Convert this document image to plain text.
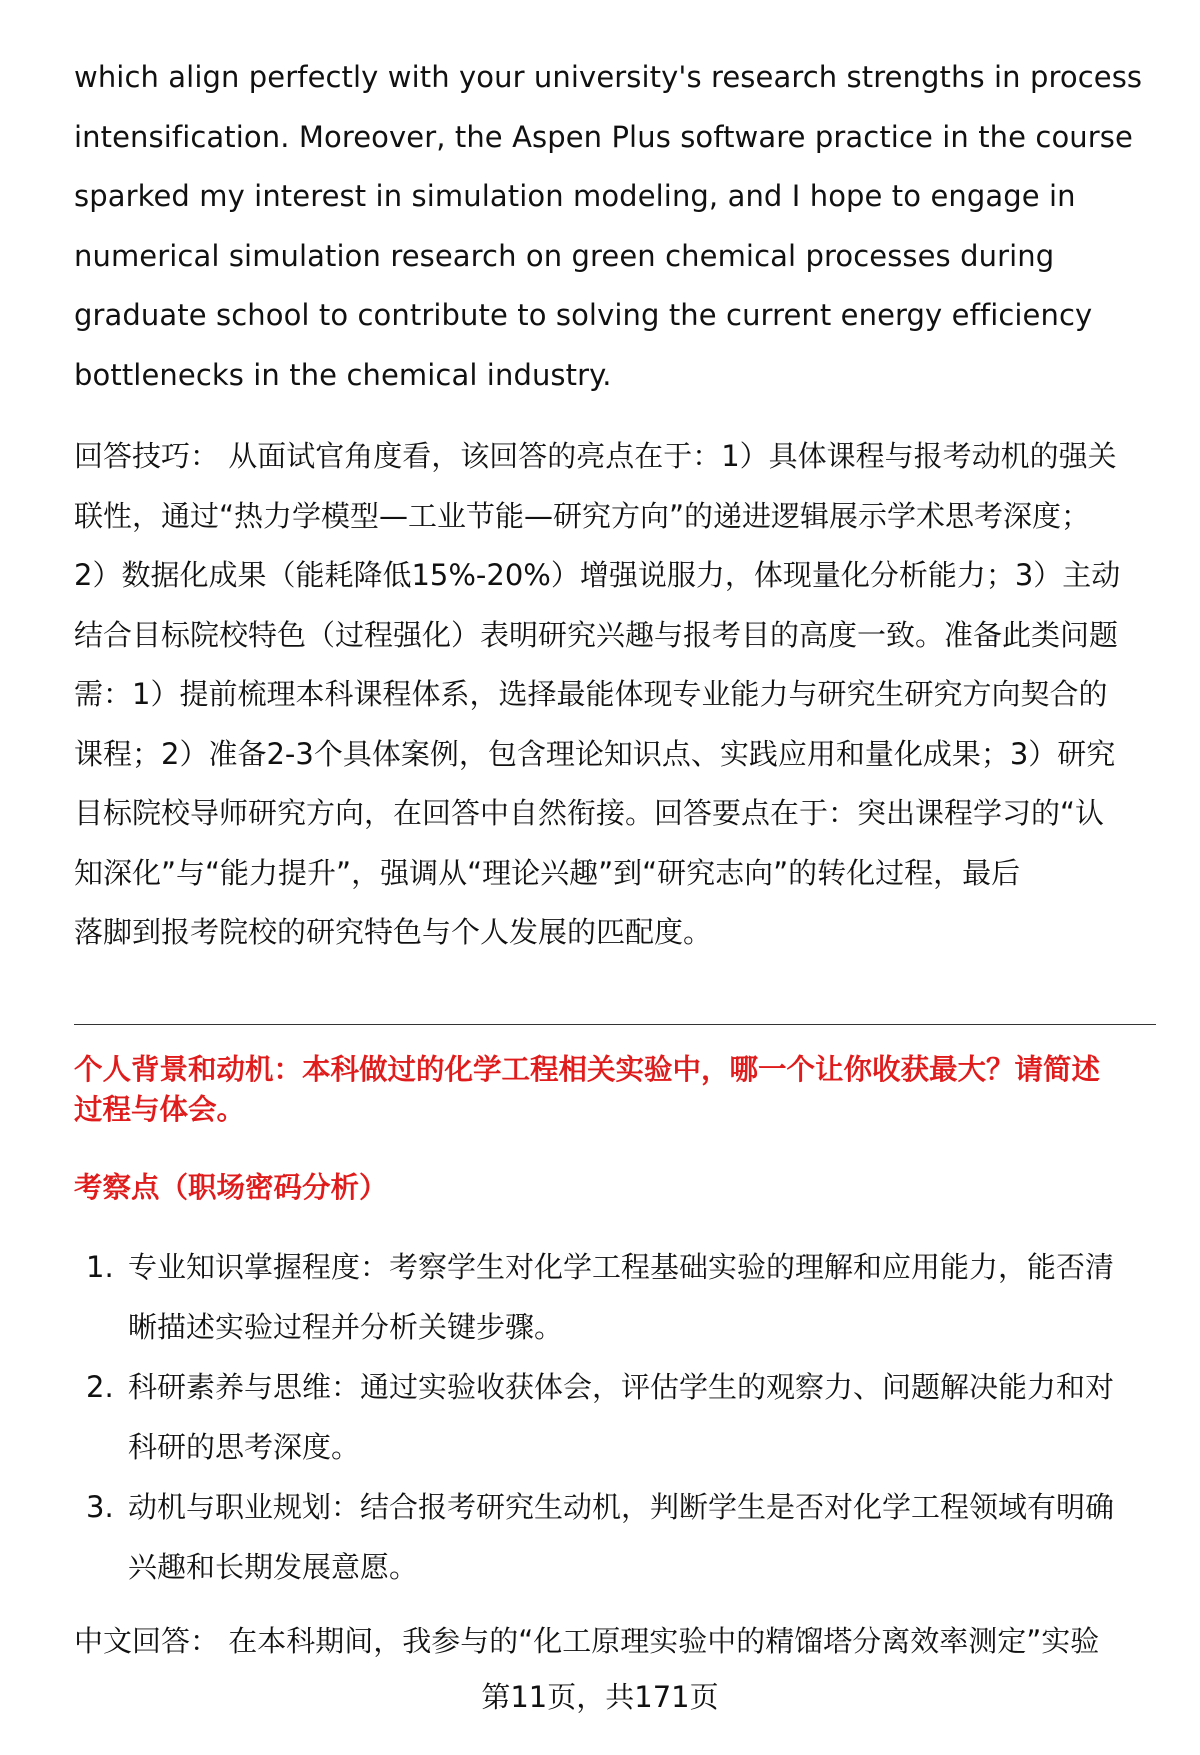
which align perfectly with your university's research strengths in process
intensification. Moreover, the Aspen Plus software practice in the course
sparked my interest in simulation modeling, and I hope to engage in
numerical simulation research on green chemical processes during
graduate school to contribute to solving the current energy efficiency
bottlenecks in the chemical industry.

回答技巧： 从面试官角度看，该回答的亮点在于：1）具体课程与报考动机的强关
联性，通过“热力学模型—工业节能—研究方向”的递进逻辑展示学术思考深度；
2）数据化成果（能耗降低15%-20%）增强说服力，体现量化分析能力；3）主动
结合目标院校特色（过程强化）表明研究兴趣与报考目的高度一致。准备此类问题
需：1）提前梳理本科课程体系，选择最能体现专业能力与研究生研究方向契合的
课程；2）准备2-3个具体案例，包含理论知识点、实践应用和量化成果；3）研究
目标院校导师研究方向，在回答中自然衔接。回答要点在于：突出课程学习的“认
知深化”与“能力提升”，强调从“理论兴趣”到“研究志向”的转化过程，最后
落脚到报考院校的研究特色与个人发展的匹配度。

个人背景和动机：本科做过的化学工程相关实验中，哪一个让你收获最大？请简述
过程与体会。

考察点（职场密码分析）

1. 专业知识掌握程度：考察学生对化学工程基础实验的理解和应用能力，能否清
晰描述实验过程并分析关键步骤。
2. 科研素养与思维：通过实验收获体会，评估学生的观察力、问题解决能力和对
科研的思考深度。
3. 动机与职业规划：结合报考研究生动机，判断学生是否对化学工程领域有明确
兴趣和长期发展意愿。

中文回答： 在本科期间，我参与的“化工原理实验中的精馏塔分离效率测定”实验

第11页，共171页
